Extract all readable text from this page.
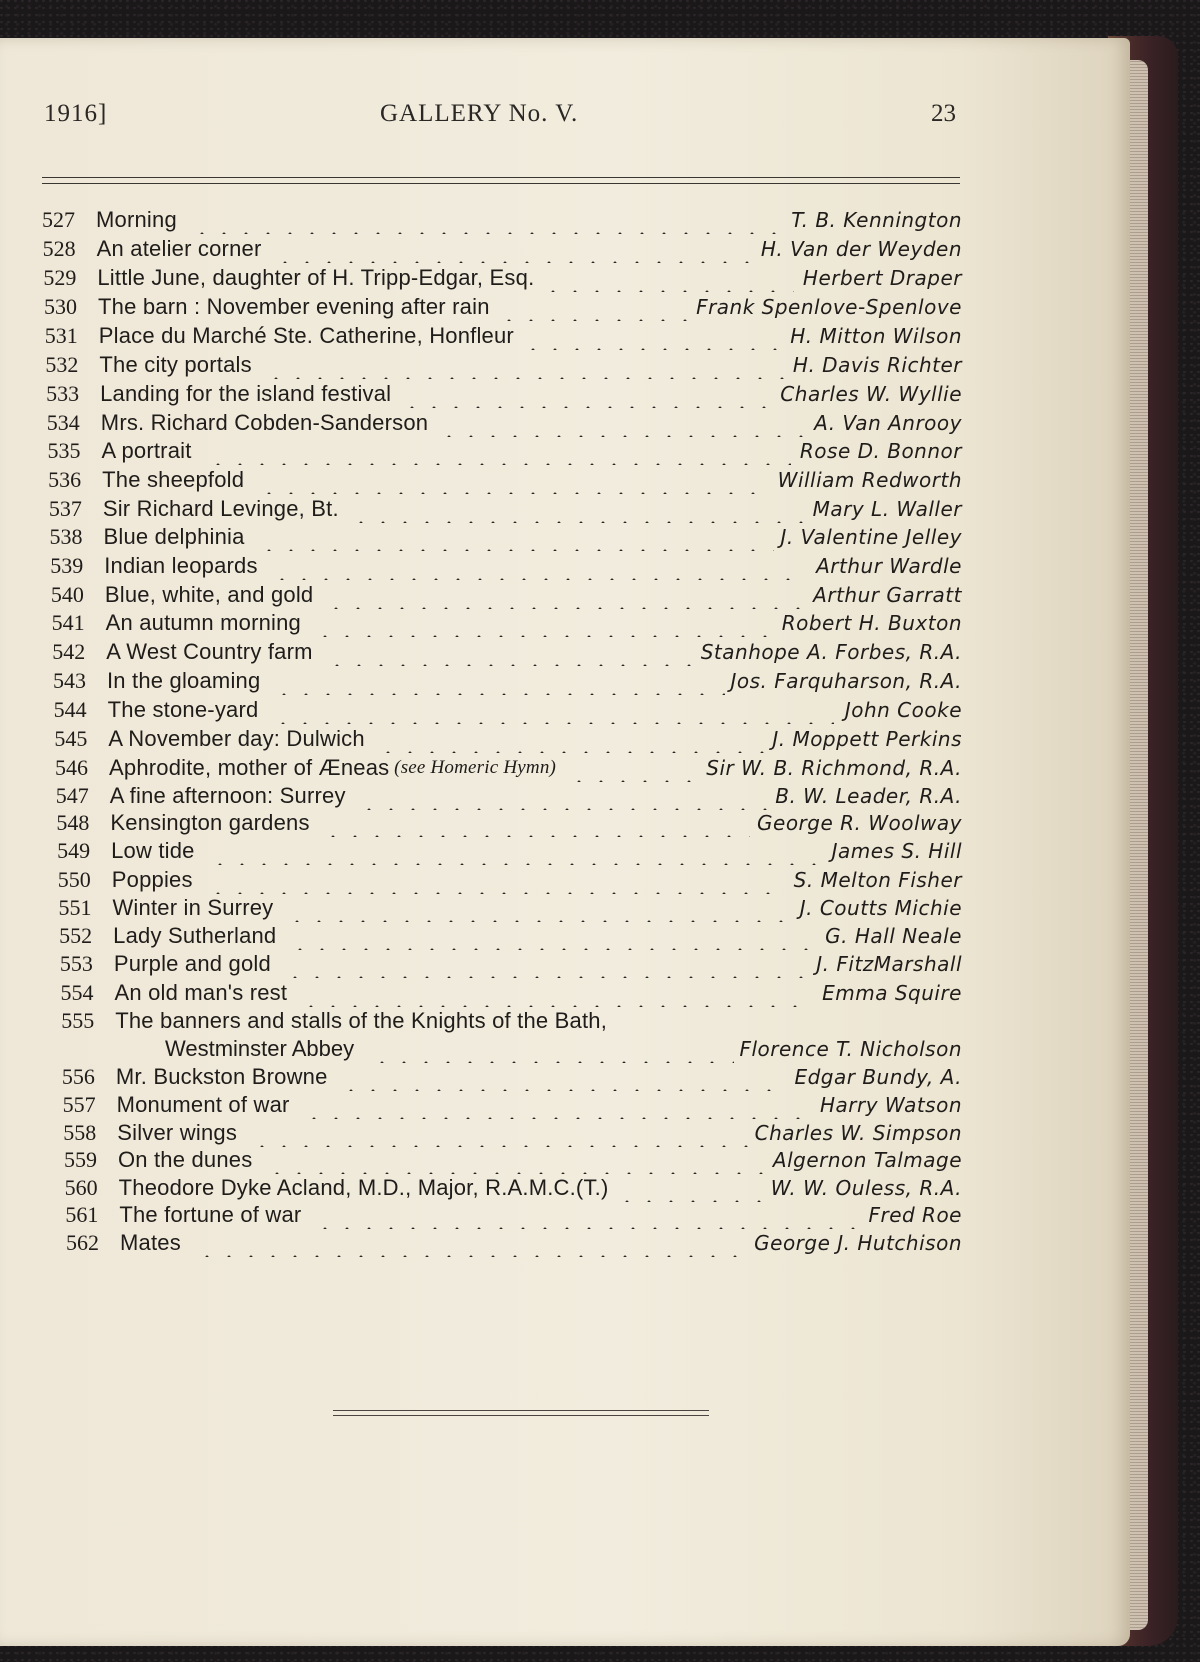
1916]	GALLERY No. V.	23
527 Morning	T. B. Kennington
528 An atelier corner	H. Van der Weyden
529 Little June, daughter of H. Tripp-Edgar, Esq.	Herbert Draper
530 The barn : November evening after rain	Frank Spenlove-Spenlove
531 Place du Marché Ste. Catherine, Honfleur	H. Mitton Wilson
532 The city portals	H. Davis Richter
533 Landing for the island festival	Charles W. Wyllie
534 Mrs. Richard Cobden-Sanderson	A. Van Anrooy
535 A portrait	Rose D. Bonnor
536 The sheepfold	William Redworth
537 Sir Richard Levinge, Bt.	Mary L. Waller
538 Blue delphinia	J. Valentine Jelley
539 Indian leopards	Arthur Wardle
540 Blue, white, and gold	Arthur Garratt
541 An autumn morning	Robert H. Buxton
542 A West Country farm	Stanhope A. Forbes, R.A.
543 In the gloaming	Jos. Farquharson, R.A.
544 The stone-yard	John Cooke
545 A November day: Dulwich	J. Moppett Perkins
546 Aphrodite, mother of Æneas (see Homeric Hymn)	Sir W. B. Richmond, R.A.
547 A fine afternoon: Surrey	B. W. Leader, R.A.
548 Kensington gardens	George R. Woolway
549 Low tide	James S. Hill
550 Poppies	S. Melton Fisher
551 Winter in Surrey	J. Coutts Michie
552 Lady Sutherland	G. Hall Neale
553 Purple and gold	J. FitzMarshall
554 An old man's rest	Emma Squire
555 The banners and stalls of the Knights of the Bath,
Westminster Abbey	Florence T. Nicholson
556 Mr. Buckston Browne	Edgar Bundy, A.
557 Monument of war	Harry Watson
558 Silver wings	Charles W. Simpson
559 On the dunes	Algernon Talmage
560 Theodore Dyke Acland, M.D., Major, R.A.M.C.(T.)	W. W. Ouless, R.A.
561 The fortune of war	Fred Roe
562 Mates	George J. Hutchison
